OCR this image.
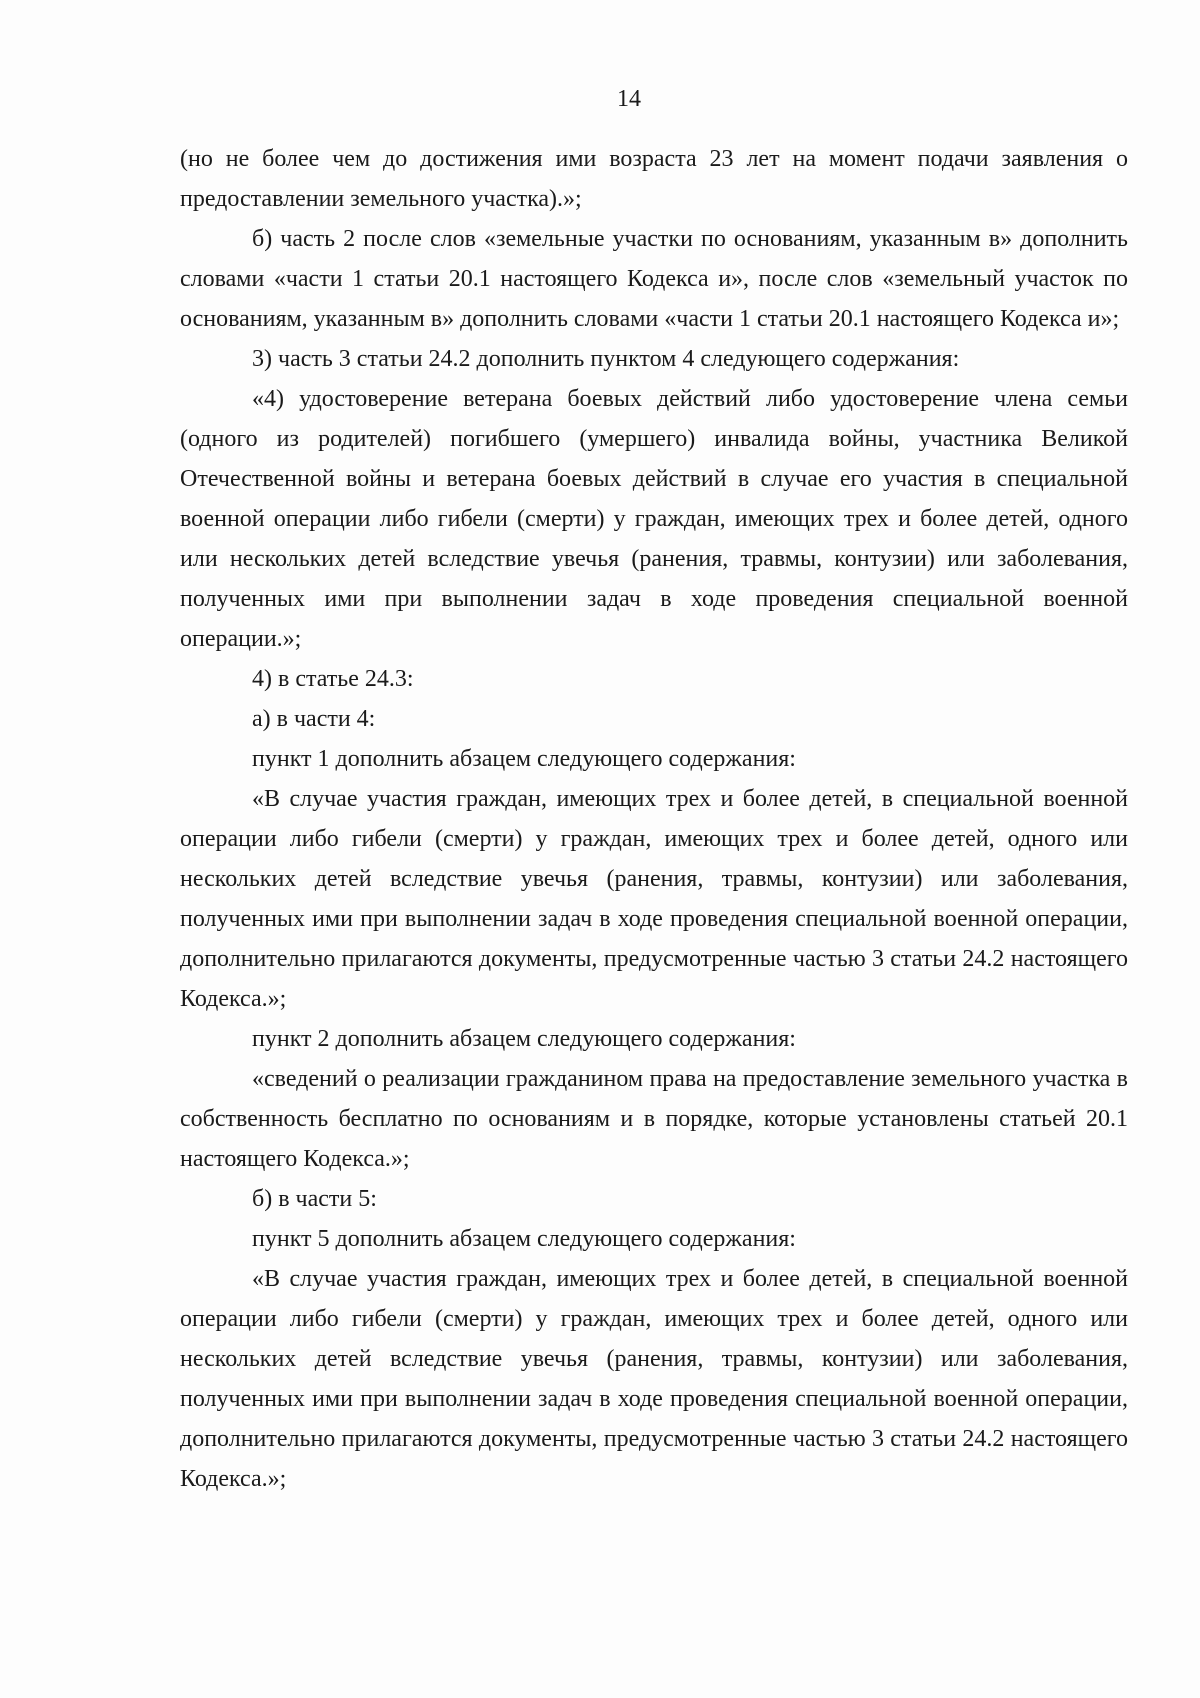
14

(но не более чем до достижения ими возраста 23 лет на момент подачи заявления о предоставлении земельного участка).»;

б) часть 2 после слов «земельные участки по основаниям, указанным в» дополнить словами «части 1 статьи 20.1 настоящего Кодекса и», после слов «земельный участок по основаниям, указанным в» дополнить словами «части 1 статьи 20.1 настоящего Кодекса и»;

3) часть 3 статьи 24.2 дополнить пунктом 4 следующего содержания:

«4) удостоверение ветерана боевых действий либо удостоверение члена семьи (одного из родителей) погибшего (умершего) инвалида войны, участника Великой Отечественной войны и ветерана боевых действий в случае его участия в специальной военной операции либо гибели (смерти) у граждан, имеющих трех и более детей, одного или нескольких детей вследствие увечья (ранения, травмы, контузии) или заболевания, полученных ими при выполнении задач в ходе проведения специальной военной операции.»;

4) в статье 24.3:

а) в части 4:

пункт 1 дополнить абзацем следующего содержания:

«В случае участия граждан, имеющих трех и более детей, в специальной военной операции либо гибели (смерти) у граждан, имеющих трех и более детей, одного или нескольких детей вследствие увечья (ранения, травмы, контузии) или заболевания, полученных ими при выполнении задач в ходе проведения специальной военной операции, дополнительно прилагаются документы, предусмотренные частью 3 статьи 24.2 настоящего Кодекса.»;

пункт 2 дополнить абзацем следующего содержания:

«сведений о реализации гражданином права на предоставление земельного участка в собственность бесплатно по основаниям и в порядке, которые установлены статьей 20.1 настоящего Кодекса.»;

б) в части 5:

пункт 5 дополнить абзацем следующего содержания:

«В случае участия граждан, имеющих трех и более детей, в специальной военной операции либо гибели (смерти) у граждан, имеющих трех и более детей, одного или нескольких детей вследствие увечья (ранения, травмы, контузии) или заболевания, полученных ими при выполнении задач в ходе проведения специальной военной операции, дополнительно прилагаются документы, предусмотренные частью 3 статьи 24.2 настоящего Кодекса.»;
